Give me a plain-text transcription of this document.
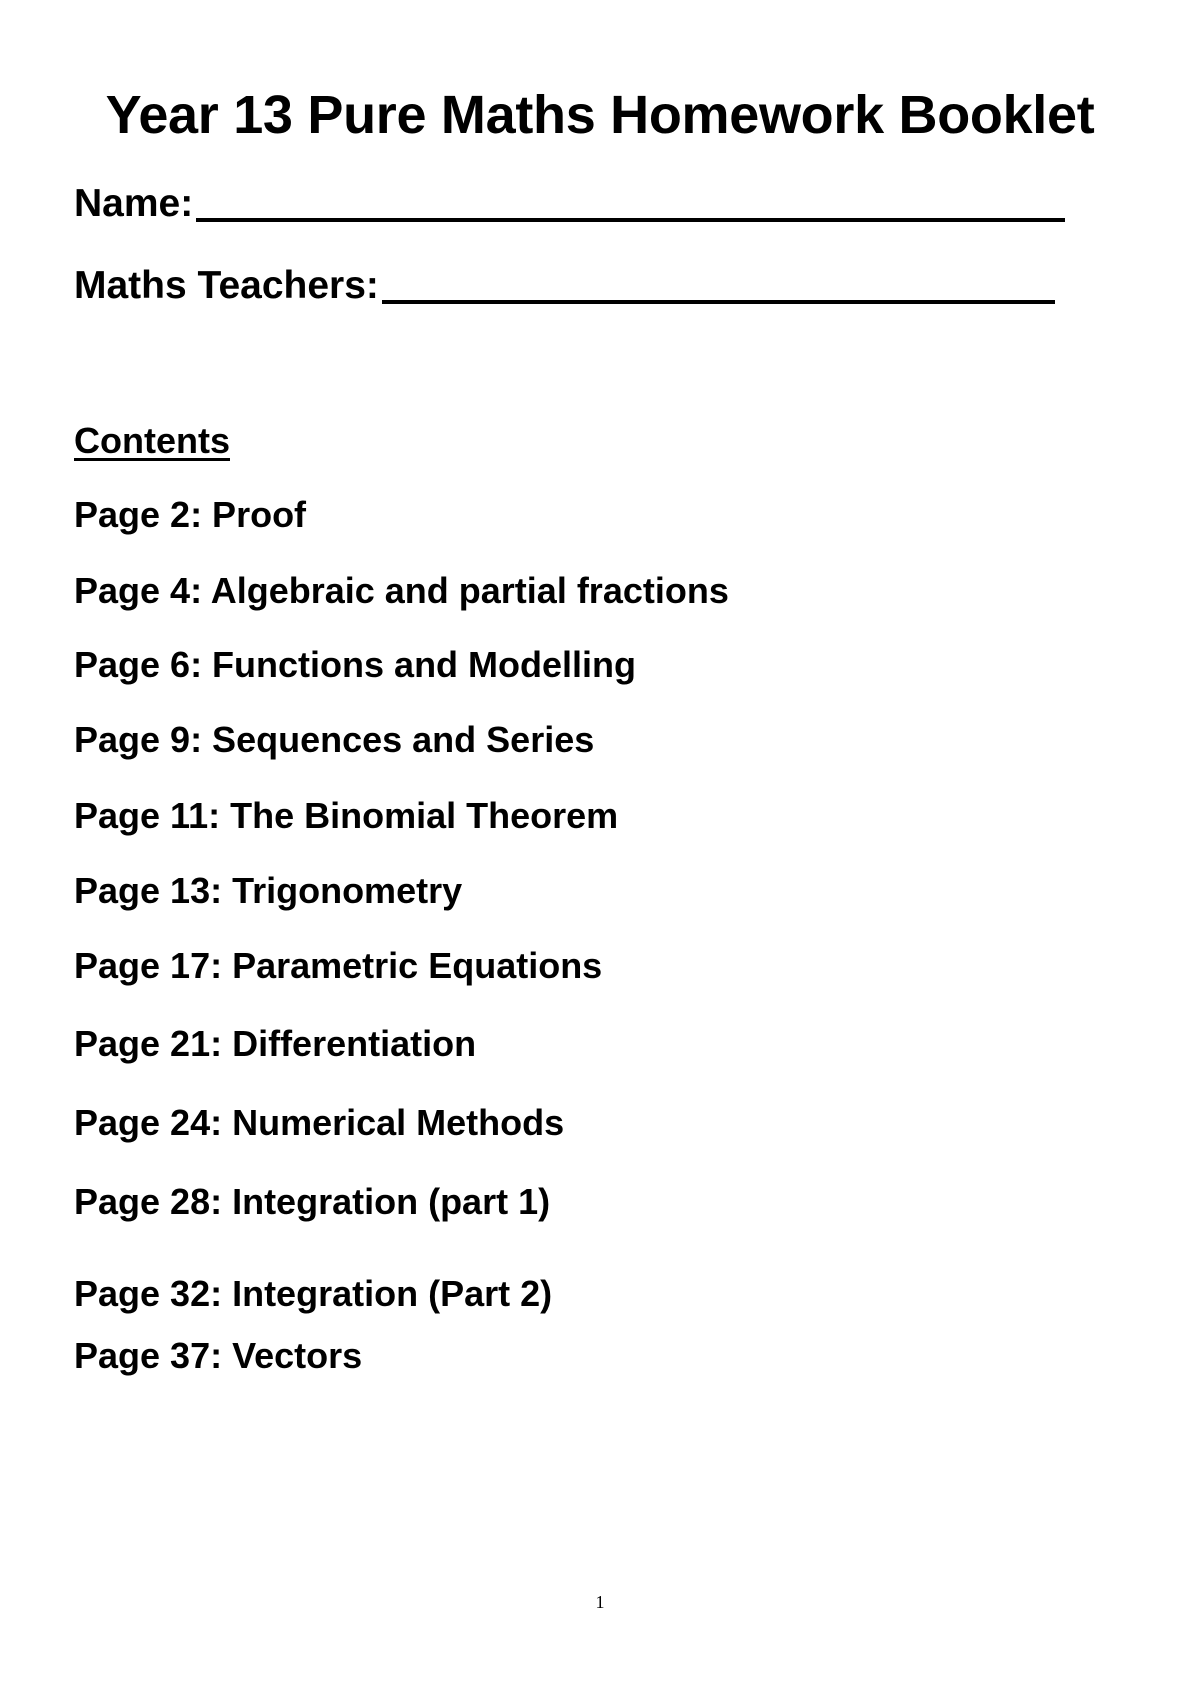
Year 13 Pure Maths Homework Booklet
Name:
Maths Teachers:
Contents
Page 2: Proof
Page 4: Algebraic and partial fractions
Page 6: Functions and Modelling
Page 9: Sequences and Series
Page 11: The Binomial Theorem
Page 13: Trigonometry
Page 17: Parametric Equations
Page 21: Differentiation
Page 24: Numerical Methods
Page 28: Integration (part 1)
Page 32: Integration (Part 2)
Page 37: Vectors
1
